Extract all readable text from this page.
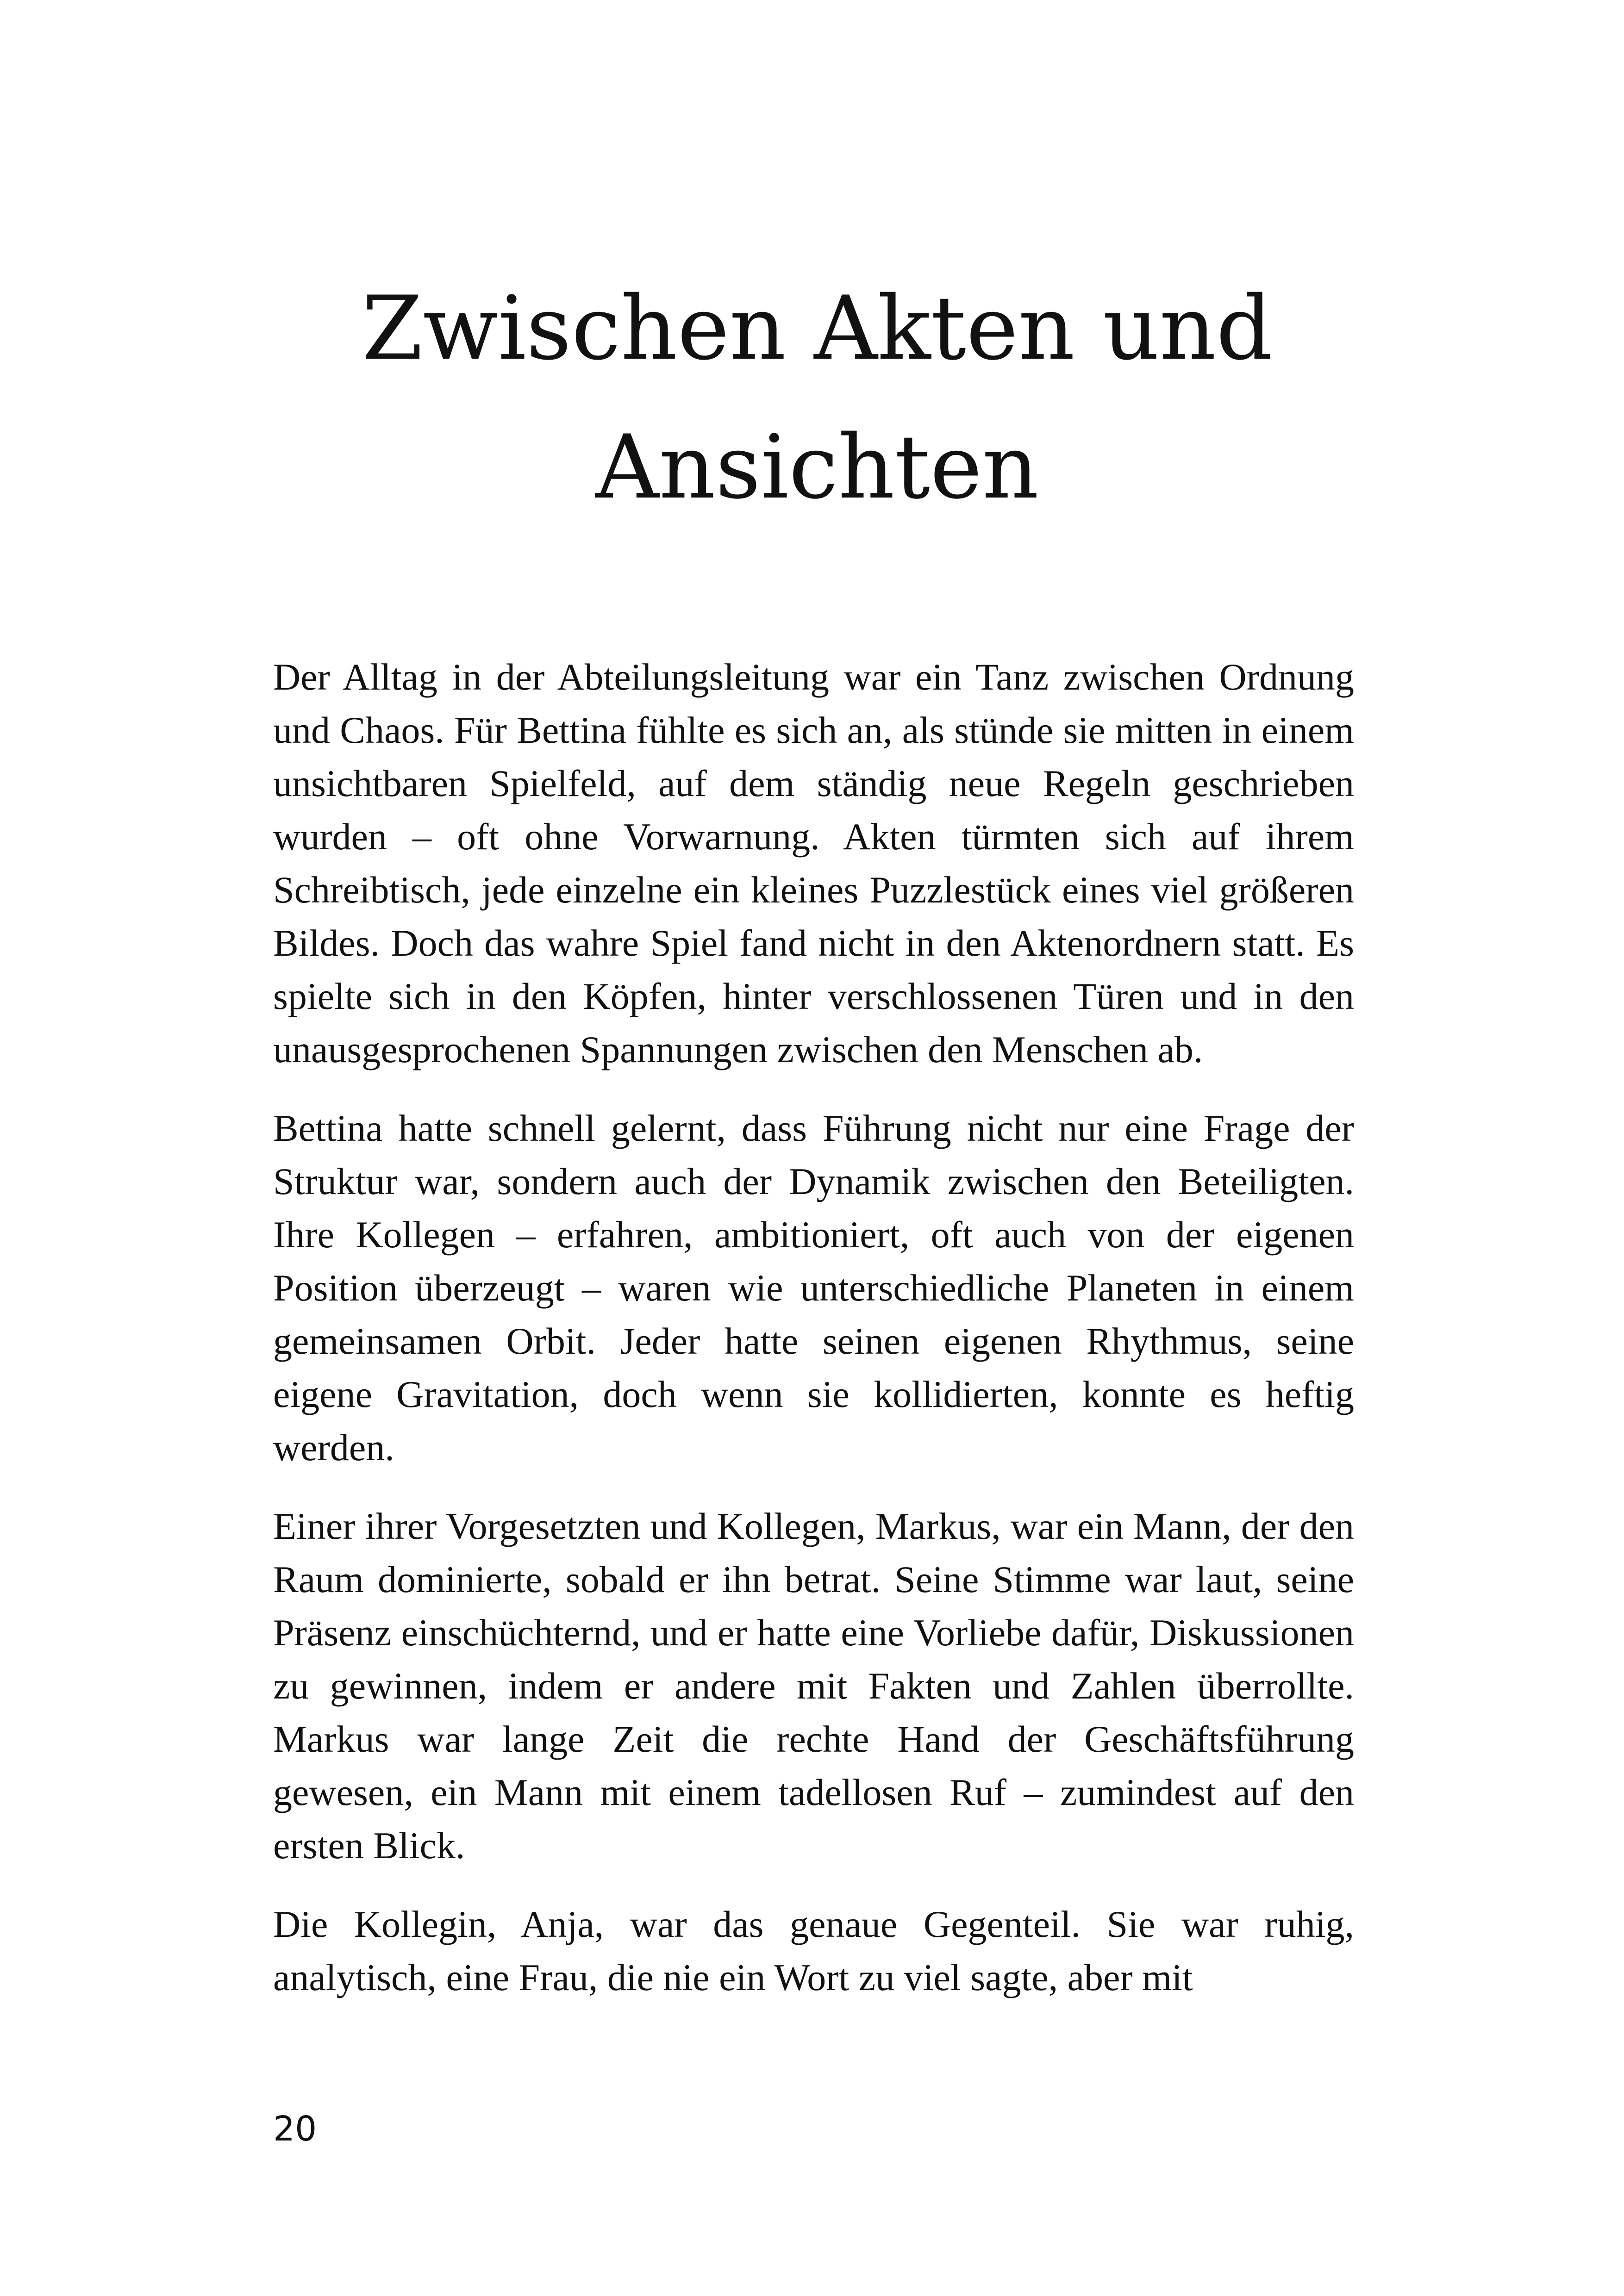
Zwischen Akten und
Ansichten

Der Alltag in der Abteilungsleitung war ein Tanz zwischen Ordnung und Chaos. Für Bettina fühlte es sich an, als stünde sie mitten in einem unsichtbaren Spielfeld, auf dem ständig neue Regeln geschrieben wurden – oft ohne Vorwarnung. Akten türmten sich auf ihrem Schreibtisch, jede einzelne ein kleines Puzzlestück eines viel größeren Bildes. Doch das wahre Spiel fand nicht in den Aktenordnern statt. Es spielte sich in den Köpfen, hinter verschlossenen Türen und in den unausgesprochenen Spannungen zwischen den Menschen ab.

Bettina hatte schnell gelernt, dass Führung nicht nur eine Frage der Struktur war, sondern auch der Dynamik zwischen den Beteiligten. Ihre Kollegen – erfahren, ambitioniert, oft auch von der eigenen Position überzeugt – waren wie unterschiedliche Planeten in einem gemeinsamen Orbit. Jeder hatte seinen eigenen Rhythmus, seine eigene Gravitation, doch wenn sie kollidierten, konnte es heftig werden.

Einer ihrer Vorgesetzten und Kollegen, Markus, war ein Mann, der den Raum dominierte, sobald er ihn betrat. Seine Stimme war laut, seine Präsenz einschüchternd, und er hatte eine Vorliebe dafür, Diskussionen zu gewinnen, indem er andere mit Fakten und Zahlen überrollte. Markus war lange Zeit die rechte Hand der Geschäftsführung gewesen, ein Mann mit einem tadellosen Ruf – zumindest auf den ersten Blick.

Die Kollegin, Anja, war das genaue Gegenteil. Sie war ruhig, analytisch, eine Frau, die nie ein Wort zu viel sagte, aber mit

20
